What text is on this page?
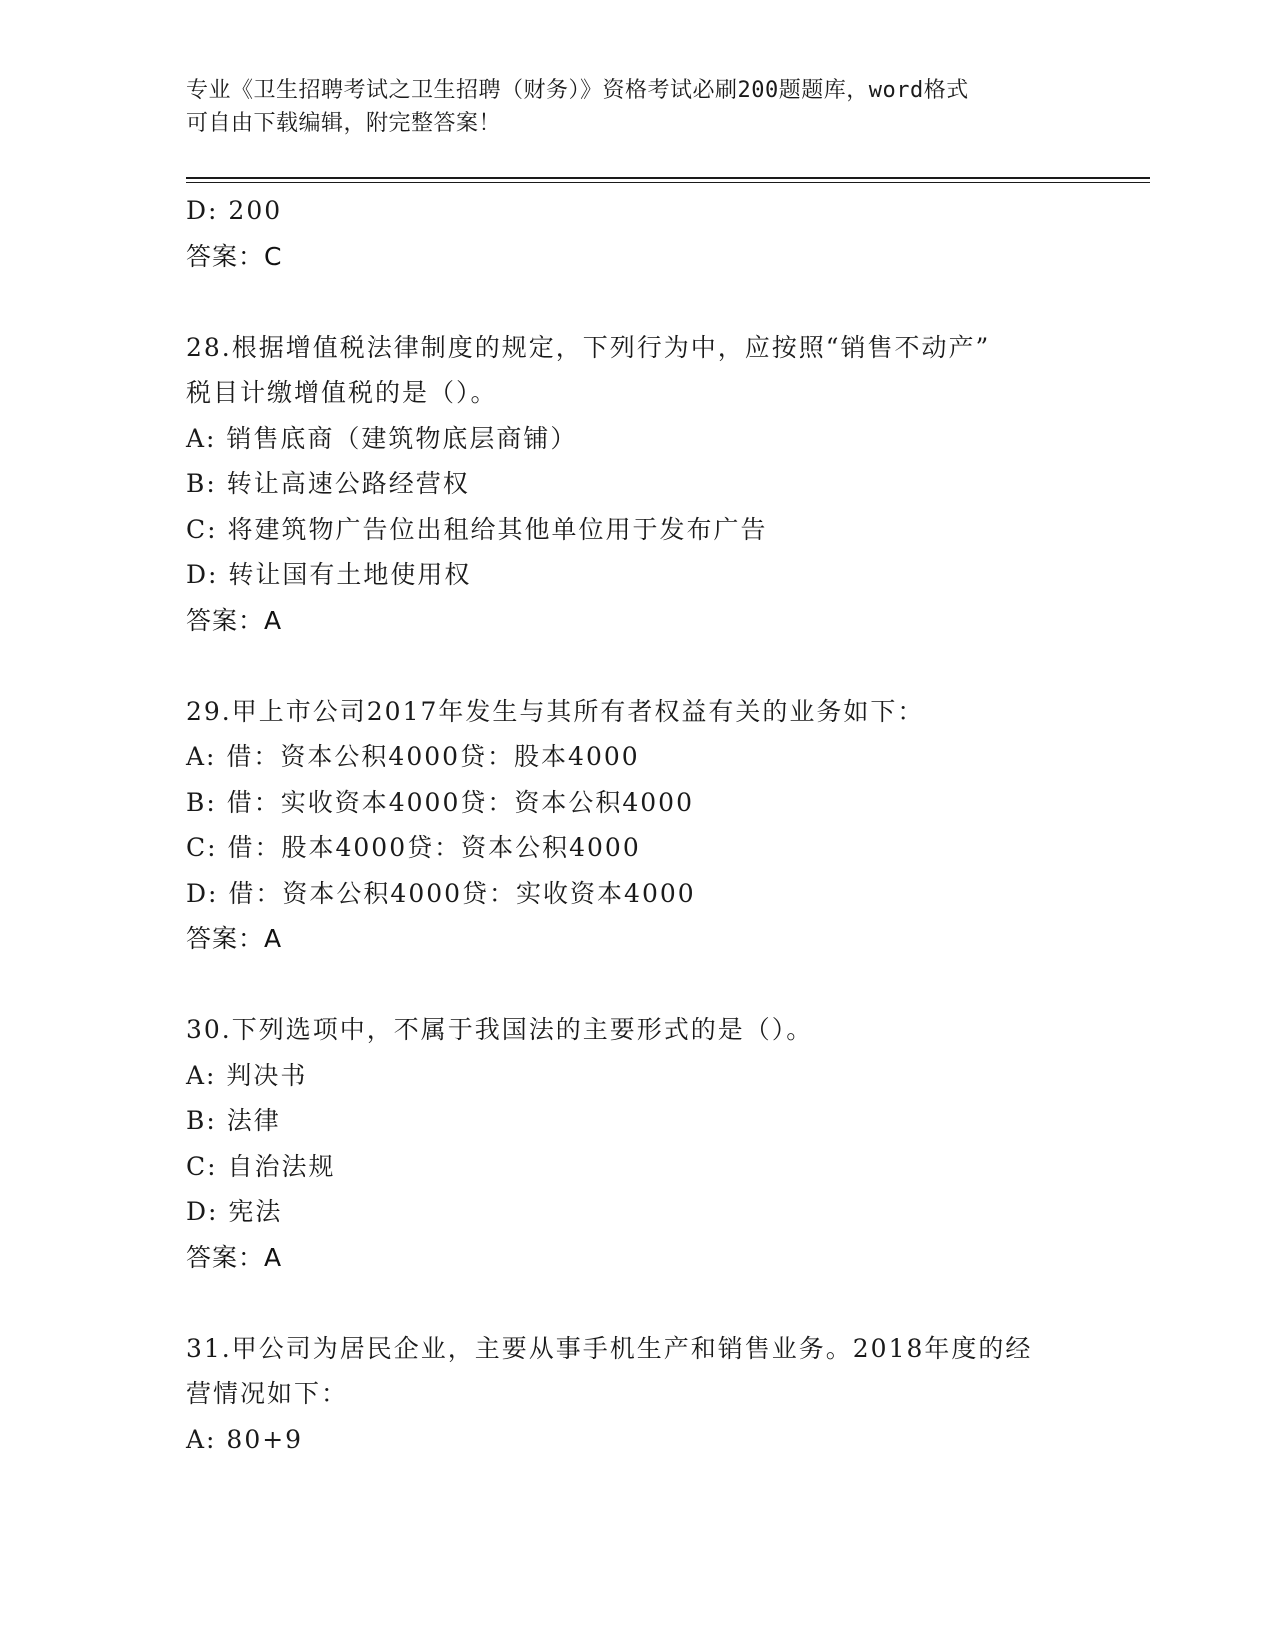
专业《卫生招聘考试之卫生招聘（财务）》资格考试必刷200题题库，word格式
可自由下载编辑，附完整答案！
D: 200
答案：C
28.根据增值税法律制度的规定，下列行为中，应按照“销售不动产”
税目计缴增值税的是（）。
A: 销售底商（建筑物底层商铺）
B: 转让高速公路经营权
C: 将建筑物广告位出租给其他单位用于发布广告
D: 转让国有土地使用权
答案：A
29.甲上市公司2017年发生与其所有者权益有关的业务如下：
A: 借：资本公积4000贷：股本4000
B: 借：实收资本4000贷：资本公积4000
C: 借：股本4000贷：资本公积4000
D: 借：资本公积4000贷：实收资本4000
答案：A
30.下列选项中，不属于我国法的主要形式的是（）。
A: 判决书
B: 法律
C: 自治法规
D: 宪法
答案：A
31.甲公司为居民企业，主要从事手机生产和销售业务。2018年度的经
营情况如下：
A: 80+9
